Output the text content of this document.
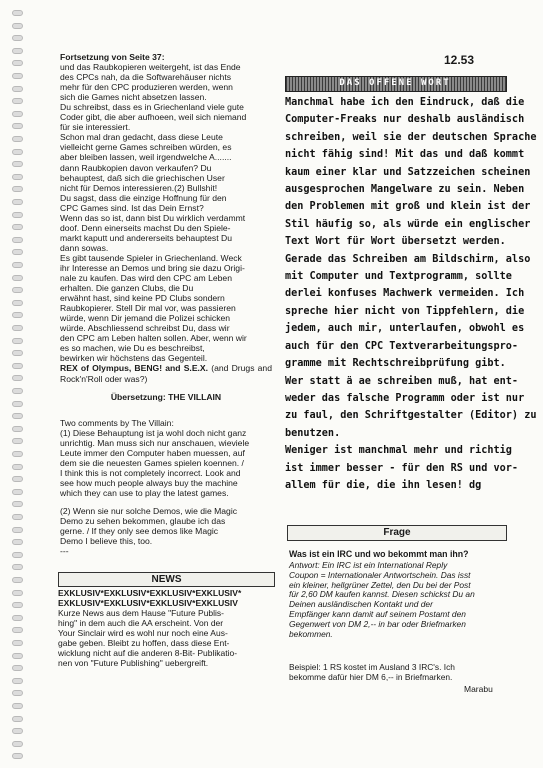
12.53

Fortsetzung von Seite 37:

und das Raubkopieren weitergeht, ist das Ende
des CPCs nah, da die Softwarehäuser nichts
mehr für den CPC produzieren werden, wenn
sich die Games nicht absetzen lassen.
Du schreibst, dass es in Griechenland viele gute
Coder gibt, die aber aufhoeen, weil sich niemand
für sie interessiert.
Schon mal dran gedacht, dass diese Leute
vielleicht gerne Games schreiben würden, es
aber bleiben lassen, weil irgendwelche A.......
dann Raubkopien davon verkaufen? Du
behauptest, daß sich die griechischen User
nicht für Demos interessieren.(2) Bullshit!
Du sagst, dass die einzige Hoffnung für den
CPC Games sind. Ist das Dein Ernst?
Wenn das so ist, dann bist Du wirklich verdammt
doof. Denn einerseits machst Du den Spiele-
markt kaputt und andererseits behauptest Du
dann sowas.
Es gibt tausende Spieler in Griechenland. Weck
ihr Interesse an Demos und bring sie dazu Origi-
nale zu kaufen. Das wird den CPC am Leben
erhalten. Die ganzen Clubs, die Du
erwähnt hast, sind keine PD Clubs sondern
Raubkopierer. Stell Dir mal vor, was passieren
würde, wenn Dir jemand die Polizei schicken
würde. Abschliessend schreibst Du, dass wir
den CPC am Leben halten sollen. Aber, wenn wir
es so machen, wie Du es beschreibst,
bewirken wir höchstens das Gegenteil.

REX of Olympus, BENG! and S.E.X. (and Drugs and Rock'n'Roll oder was?)

Übersetzung: THE VILLAIN

Two comments by The Villain:
(1) Diese Behauptung ist ja wohl doch nicht ganz
unrichtig. Man muss sich nur anschauen, wieviele
Leute immer den Computer haben muessen, auf
dem sie die neuesten Games spielen koennen. /
I think this is not completely incorrect. Look and
see how much people always buy the machine
which they can use to play the latest games.

(2) Wenn sie nur solche Demos, wie die Magic
Demo zu sehen bekommen, glaube ich das
gerne. / If they only see demos like Magic
Demo I believe this, too.

---

NEWS

EXKLUSIV*EXKLUSIV*EXKLUSIV*EXKLUSIV*
EXKLUSIV*EXKLUSIV*EXKLUSIV*EXKLUSIV

Kurze News aus dem Hause "Future Publis-
hing" in dem auch die AA erscheint. Von der
Your Sinclair wird es wohl nur noch eine Aus-
gabe geben. Bleibt zu hoffen, dass diese Ent-
wicklung nicht auf die anderen 8-Bit- Publikatio-
nen von "Future Publishing" uebergreift.

DAS OFFENE WORT
Manchmal habe ich den Eindruck, daß die
Computer-Freaks nur deshalb ausländisch
schreiben, weil sie der deutschen Sprache
nicht fähig sind! Mit das und daß kommt
kaum einer klar und Satzzeichen scheinen
ausgesprochen Mangelware zu sein. Neben
den Problemen mit groß und klein ist der
Stil häufig so, als würde ein englischer
Text Wort für Wort übersetzt werden.
Gerade das Schreiben am Bildschirm, also
mit Computer und Textprogramm, sollte
derlei konfuses Machwerk vermeiden. Ich
spreche hier nicht von Tippfehlern, die
jedem, auch mir, unterlaufen, obwohl es
auch für den CPC Textverarbeitungspro-
gramme mit Rechtschreibprüfung gibt.
Wer statt ä ae schreiben muß, hat ent-
weder das falsche Programm oder ist nur
zu faul, den Schriftgestalter (Editor) zu
benutzen.
Weniger ist manchmal mehr und richtig
ist immer besser - für den RS und vor-
allem für die, die ihn lesen! dg
Frage
Was ist ein IRC und wo bekommt man ihn?
Antwort: Ein IRC ist ein International Reply
Coupon = Internationaler Antwortschein. Das isst
ein kleiner, hellgrüner Zettel, den Du bei der Post
für 2,60 DM kaufen kannst. Diesen schickst Du an
Deinen ausländischen Kontakt und der
Empfänger kann damit auf seinem Postamt den
Gegenwert von DM 2,-- in bar oder Briefmarken
bekommen.
Beispiel: 1 RS kostet im Ausland 3 IRC's. Ich
bekomme dafür hier DM 6,-- in Briefmarken.
Marabu
